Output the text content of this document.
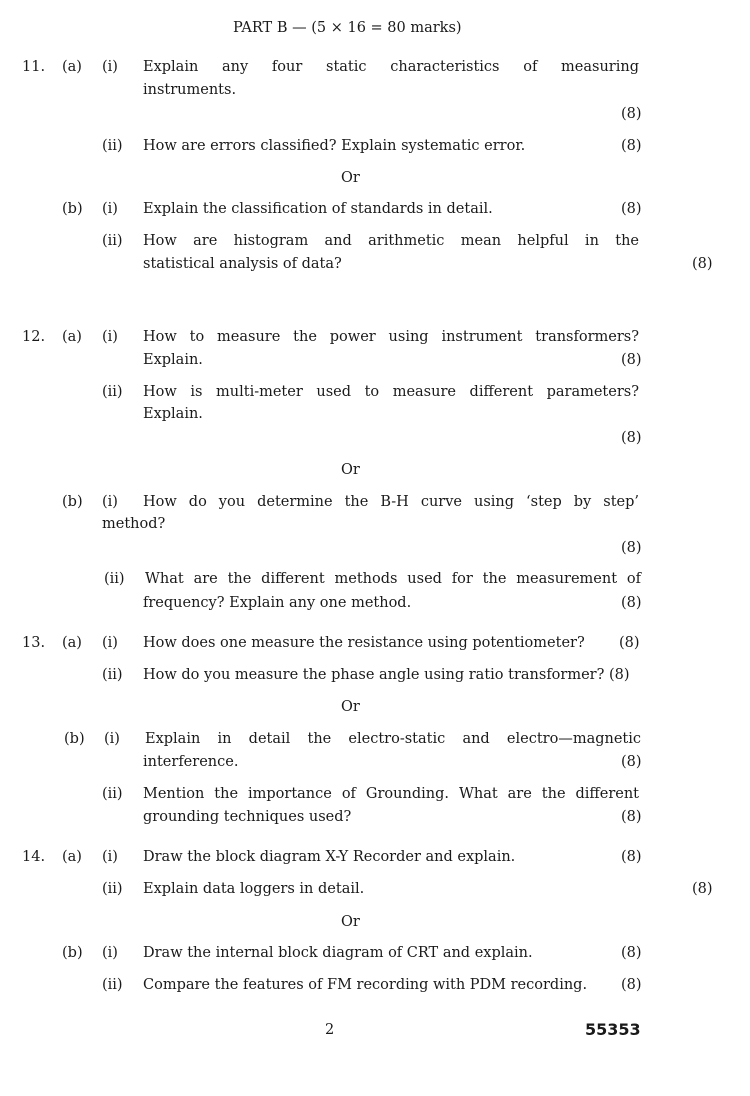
PART B — (5 × 16 = 80 marks)
11. (a) (i) Explain any four static characteristics of measuring
instruments.
(8)
(ii) How are errors classified? Explain systematic error.	(8)
Or
(b) (i) Explain the classification of standards in detail.	(8)
(ii) How are histogram and arithmetic mean helpful in the
statistical analysis of data?	(8)
12. (a) (i) How to measure the power using instrument transformers?
Explain.	(8)
(ii) How is multi-meter used to measure different parameters?
Explain.
(8)
Or
(b) (i) How do you determine the B-H curve using ‘step by step’
method?
(8)
(ii) What are the different methods used for the measurement of
frequency? Explain any one method.	(8)
13. (a) (i) How does one measure the resistance using potentiometer? (8)
(ii) How do you measure the phase angle using ratio transformer? (8)
Or
(b) (i) Explain in detail the electro-static and electro—magnetic
interference.	(8)
(ii) Mention the importance of Grounding. What are the different
grounding techniques used?	(8)
14. (a) (i) Draw the block diagram X-Y Recorder and explain.	(8)
(ii) Explain data loggers in detail.	(8)
Or
(b) (i) Draw the internal block diagram of CRT and explain.	(8)
(ii) Compare the features of FM recording with PDM recording. (8)
2	55353
